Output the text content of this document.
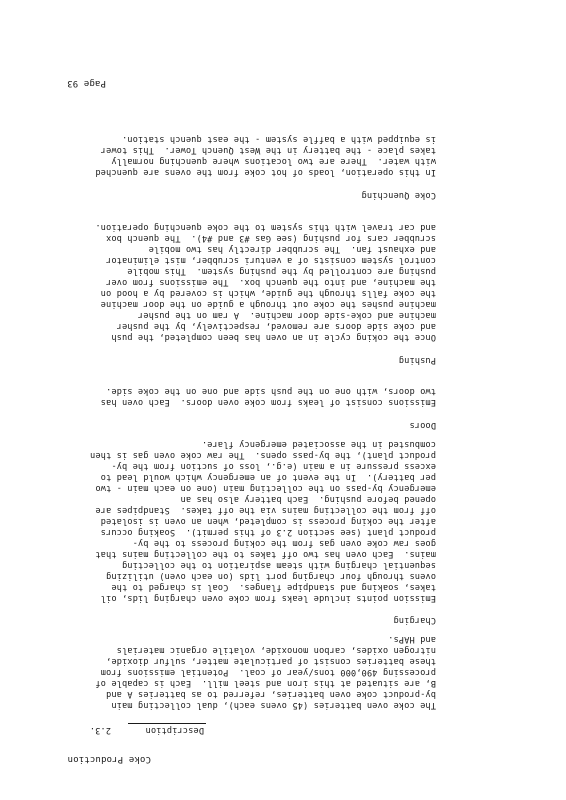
Page 93
Coke Production
2.3.	Description
The coke oven batteries (45 ovens each), dual collecting main
by-product coke oven batteries, referred to as batteries A and
B, are situated at this iron and steel mill.  Each is capable of
processing 490,000 tons/year of coal.  Potential emissions from
these batteries consist of particulate matter, sulfur dioxide,
nitrogen oxides, carbon monoxide, volatile organic materials
and HAPs.
Charging
Emission points include leaks from coke oven charging lids, oil
takes, soaking and standpipe flanges.  Coal is charged to the
ovens through four charging port lids (on each oven) utilizing
sequential charging with steam aspiration to the collecting
mains.  Each oven has two off takes to the collecting mains that
goes raw coke oven gas from the coking process to the by-
product plant (see section 2.3 of this permit).  Soaking occurs
after the coking process is completed, when an oven is isolated
off from the collecting mains via the off takes.  Standpipes are
opened before pushing.  Each battery also has an
emergency by-pass on the collecting main (one on each main - two
per battery).  In the event of an emergency which would lead to
excess pressure in a main (e.g., loss of suction from the by-
product plant), the by-pass opens.  The raw coke oven gas is then
combusted in the associated emergency flare.
Doors
Emissions consist of leaks from coke oven doors.  Each oven has
two doors, with one on the push side and one on the coke side.
Pushing
Once the coking cycle in an oven has been completed, the push
and coke side doors are removed, respectively, by the pusher
machine and coke-side door machine.  A ram on the pusher
machine pushes the coke out through a guide on the door machine
the coke falls through the guide, which is covered by a hood on
the machine, and into the quench box.  The emissions from over
pushing are controlled by the pushing system.  This mobile
control system consists of a venturi scrubber, mist eliminator
and exhaust fan.  The scrubber directly has two mobile
scrubber cars for pushing (see Gas #3 and #4).  The quench box
and car travel with this system to the coke quenching operation.
Coke Quenching
In this operation, loads of hot coke from the ovens are quenched
with water.  There are two locations where quenching normally
takes place - the battery in the West Quench Tower.  This tower
is equipped with a baffle system - the east quench station.
